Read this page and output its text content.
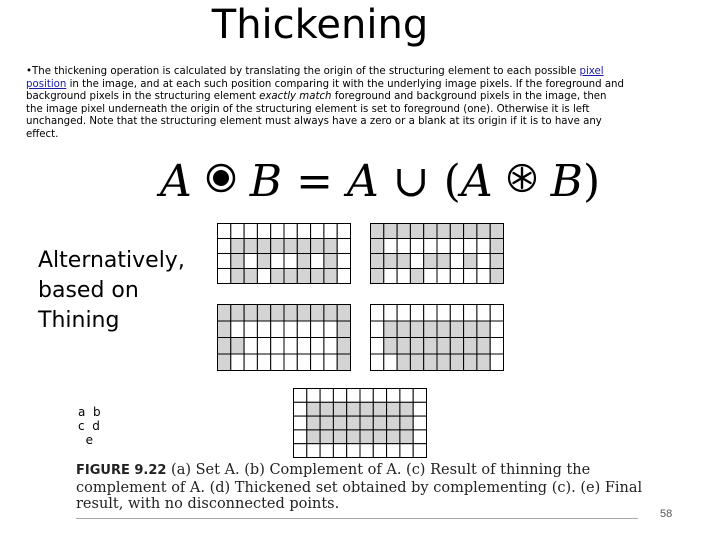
Thickening
•The thickening operation is calculated by translating the origin of the structuring element to each possible pixel position in the image, and at each such position comparing it with the underlying image pixels. If the foreground and background pixels in the structuring element exactly match foreground and background pixels in the image, then the image pixel underneath the origin of the structuring element is set to foreground (one). Otherwise it is left unchanged. Note that the structuring element must always have a zero or a blank at its origin if it is to have any effect.
A B = A ∪ (A B)
Alternatively,
based on
Thining
a b
c d
e
FIGURE 9.22 (a) Set A. (b) Complement of A. (c) Result of thinning the complement of A. (d) Thickened set obtained by complementing (c). (e) Final result, with no disconnected points.
58
